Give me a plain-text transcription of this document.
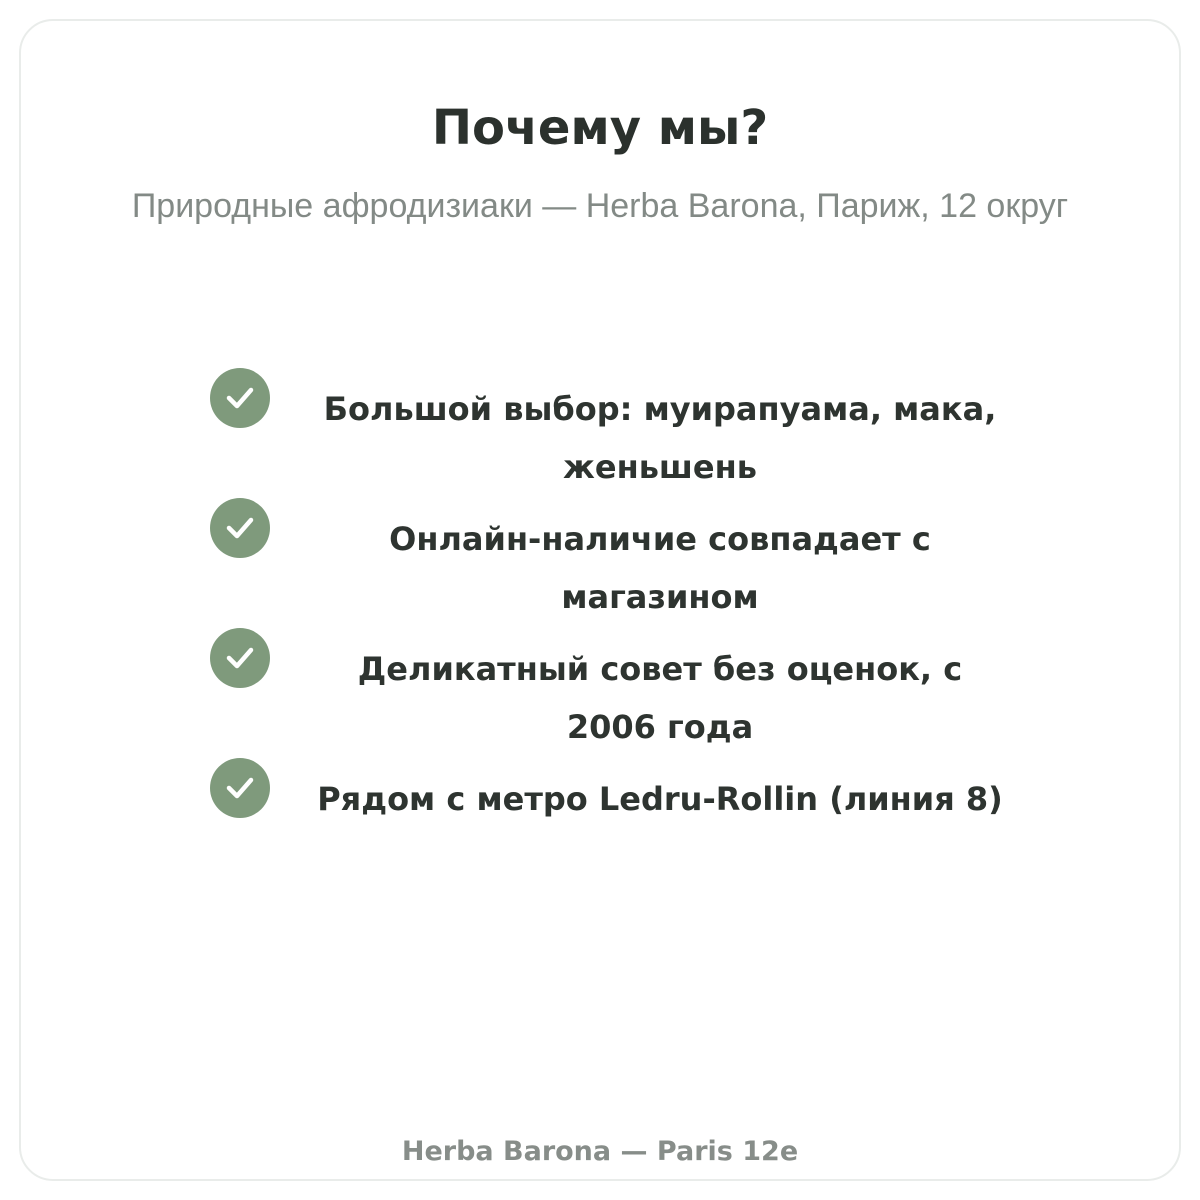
Почему мы?

Природные афродизиаки — Herba Barona, Париж, 12 округ

Большой выбор: муирапуама, мака, женьшень
Онлайн-наличие совпадает с магазином
Деликатный совет без оценок, с 2006 года
Рядом с метро Ledru-Rollin (линия 8)
Herba Barona — Paris 12e
